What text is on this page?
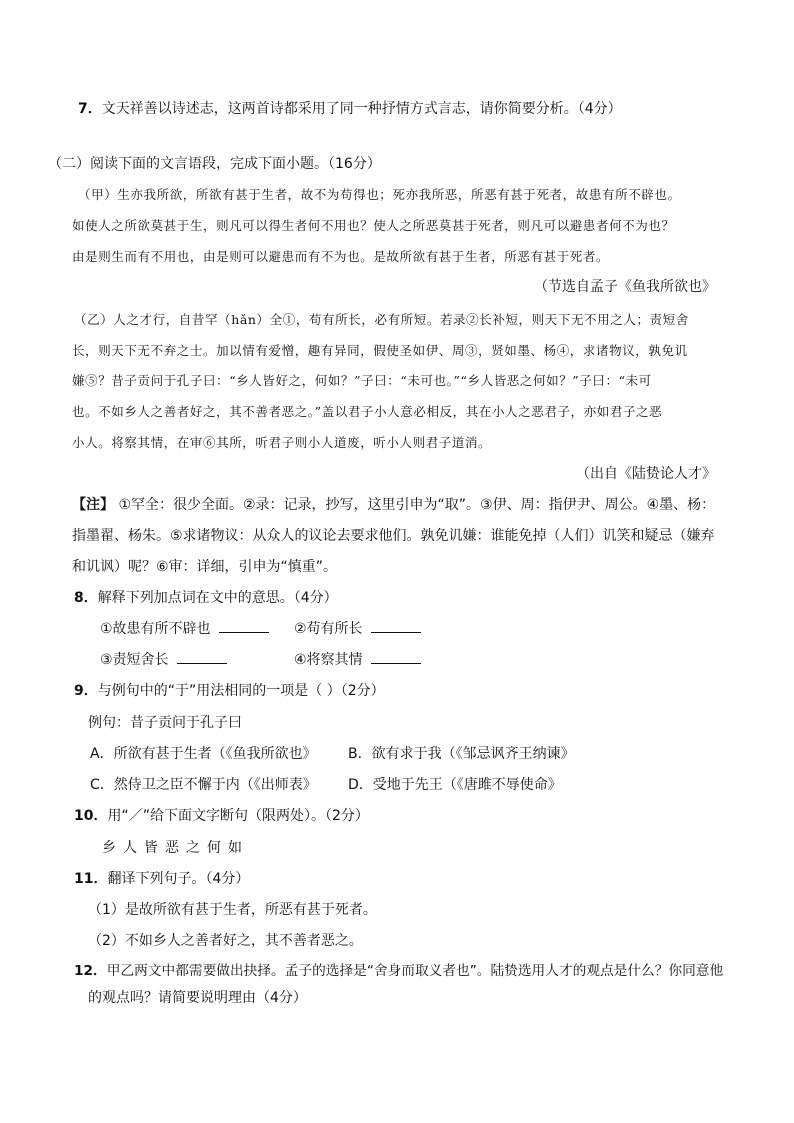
7．文天祥善以诗述志，这两首诗都采用了同一种抒情方式言志，请你简要分析。（4分）
（二）阅读下面的文言语段，完成下面小题。（16分）
（甲）生亦我所欲，所欲有甚于生者，故不为苟得也；死亦我所恶，所恶有甚于死者，故患有所不辟也。
如使人之所欲莫甚于生，则凡可以得生者何不用也？使人之所恶莫甚于死者，则凡可以避患者何不为也？
由是则生而有不用也，由是则可以避患而有不为也。是故所欲有甚于生者，所恶有甚于死者。
（节选自孟子《鱼我所欲也》
（乙）人之才行，自昔罕（hǎn）全①，苟有所长，必有所短。若录②长补短，则天下无不用之人；责短舍
长，则天下无不弃之士。加以情有爱憎，趣有异同，假使圣如伊、周③，贤如墨、杨④，求诸物议，孰免讥
嫌⑤？昔子贡问于孔子曰：“乡人皆好之，何如？”子曰：“未可也。”“乡人皆恶之何如？”子曰：“未可
也。不如乡人之善者好之，其不善者恶之。”盖以君子小人意必相反，其在小人之恶君子，亦如君子之恶
小人。将察其情，在审⑥其所，听君子则小人道废，听小人则君子道消。
（出自《陆贽论人才》
【注】 ①罕全：很少全面。②录：记录，抄写，这里引申为“取”。③伊、周：指伊尹、周公。④墨、杨：
指墨翟、杨朱。⑤求诸物议：从众人的议论去要求他们。孰免讥嫌：谁能免掉（人们）讥笑和疑忌（嫌弃
和讥讽）呢？⑥审：详细，引申为“慎重”。
8．解释下列加点词在文中的意思。（4分）
①故患有所不辟也	②苟有所长
③责短舍长	④将察其情
9．与例句中的“于”用法相同的一项是（ ）（2分）
例句：昔子贡问于孔子曰
A．所欲有甚于生者（《鱼我所欲也》 B．欲有求于我（《邹忌讽齐王纳谏》
C．然侍卫之臣不懈于内（《出师表》 D．受地于先王（《唐雎不辱使命》
10．用“／”给下面文字断句（限两处）。（2分）
乡人皆恶之何如
11．翻译下列句子。（4分）
（1）是故所欲有甚于生者，所恶有甚于死者。
（2）不如乡人之善者好之，其不善者恶之。
12．甲乙两文中都需要做出抉择。孟子的选择是“舍身而取义者也”。陆贽选用人才的观点是什么？你同意他
的观点吗？请简要说明理由（4分）
